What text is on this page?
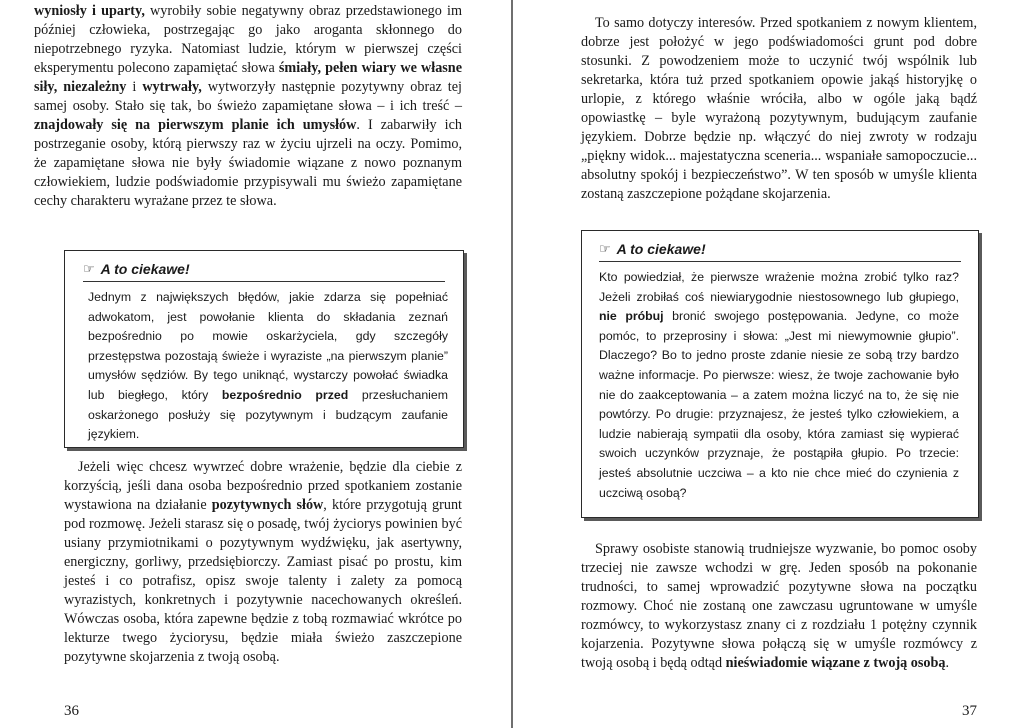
wyniosły i uparty, wyrobiły sobie negatywny obraz przedstawionego im później człowieka, postrzegając go jako aroganta skłonnego do niepotrzebnego ryzyka. Natomiast ludzie, którym w pierwszej części eksperymentu polecono zapamiętać słowa śmiały, pełen wiary we własne siły, niezależny i wytrwały, wytworzyły następnie pozytywny obraz tej samej osoby. Stało się tak, bo świeżo zapamiętane słowa – i ich treść – znajdowały się na pierwszym planie ich umysłów. I zabarwiły ich postrzeganie osoby, którą pierwszy raz w życiu ujrzeli na oczy. Pomimo, że zapamiętane słowa nie były świadomie wiązane z nowo poznanym człowiekiem, ludzie podświadomie przypisywali mu świeżo zapamiętane cechy charakteru wyrażane przez te słowa.

☞ A to ciekawe!

Jednym z największych błędów, jakie zdarza się popełniać adwokatom, jest powołanie klienta do składania zeznań bezpośrednio po mowie oskarżyciela, gdy szczegóły przestępstwa pozostają świeże i wyraziste „na pierwszym planie” umysłów sędziów. By tego uniknąć, wystarczy powołać świadka lub biegłego, który bezpośrednio przed przesłuchaniem oskarżonego posłuży się pozytywnym i budzącym zaufanie językiem.

Jeżeli więc chcesz wywrzeć dobre wrażenie, będzie dla ciebie z korzyścią, jeśli dana osoba bezpośrednio przed spotkaniem zostanie wystawiona na działanie pozytywnych słów, które przygotują grunt pod rozmowę. Jeżeli starasz się o posadę, twój życiorys powinien być usiany przymiotnikami o pozytywnym wydźwięku, jak asertywny, energiczny, gorliwy, przedsiębiorczy. Zamiast pisać po prostu, kim jesteś i co potrafisz, opisz swoje talenty i zalety za pomocą wyrazistych, konkretnych i pozytywnie nacechowanych określeń. Wówczas osoba, która zapewne będzie z tobą rozmawiać wkrótce po lekturze twego życiorysu, będzie miała świeżo zaszczepione pozytywne skojarzenia z twoją osobą.

36

To samo dotyczy interesów. Przed spotkaniem z nowym klientem, dobrze jest położyć w jego podświadomości grunt pod dobre stosunki. Z powodzeniem może to uczynić twój wspólnik lub sekretarka, która tuż przed spotkaniem opowie jakąś historyjkę o urlopie, z którego właśnie wróciła, albo w ogóle jaką bądź opowiastkę – byle wyrażoną pozytywnym, budującym zaufanie językiem. Dobrze będzie np. włączyć do niej zwroty w rodzaju „piękny widok... majestatyczna sceneria... wspaniałe samopoczucie... absolutny spokój i bezpieczeństwo”. W ten sposób w umyśle klienta zostaną zaszczepione pożądane skojarzenia.

☞ A to ciekawe!

Kto powiedział, że pierwsze wrażenie można zrobić tylko raz? Jeżeli zrobiłaś coś niewiarygodnie niestosownego lub głupiego, nie próbuj bronić swojego postępowania. Jedyne, co może pomóc, to przeprosiny i słowa: „Jest mi niewymownie głupio”. Dlaczego? Bo to jedno proste zdanie niesie ze sobą trzy bardzo ważne informacje. Po pierwsze: wiesz, że twoje zachowanie było nie do zaakceptowania – a zatem można liczyć na to, że się nie powtórzy. Po drugie: przyznajesz, że jesteś tylko człowiekiem, a ludzie nabierają sympatii dla osoby, która zamiast się wypierać swoich uczynków przyznaje, że postąpiła głupio. Po trzecie: jesteś absolutnie uczciwa – a kto nie chce mieć do czynienia z uczciwą osobą?

Sprawy osobiste stanowią trudniejsze wyzwanie, bo pomoc osoby trzeciej nie zawsze wchodzi w grę. Jeden sposób na pokonanie trudności, to samej wprowadzić pozytywne słowa na początku rozmowy. Choć nie zostaną one zawczasu ugruntowane w umyśle rozmówcy, to wykorzystasz znany ci z rozdziału 1 potężny czynnik kojarzenia. Pozytywne słowa połączą się w umyśle rozmówcy z twoją osobą i będą odtąd nieświadomie wiązane z twoją osobą.

37
